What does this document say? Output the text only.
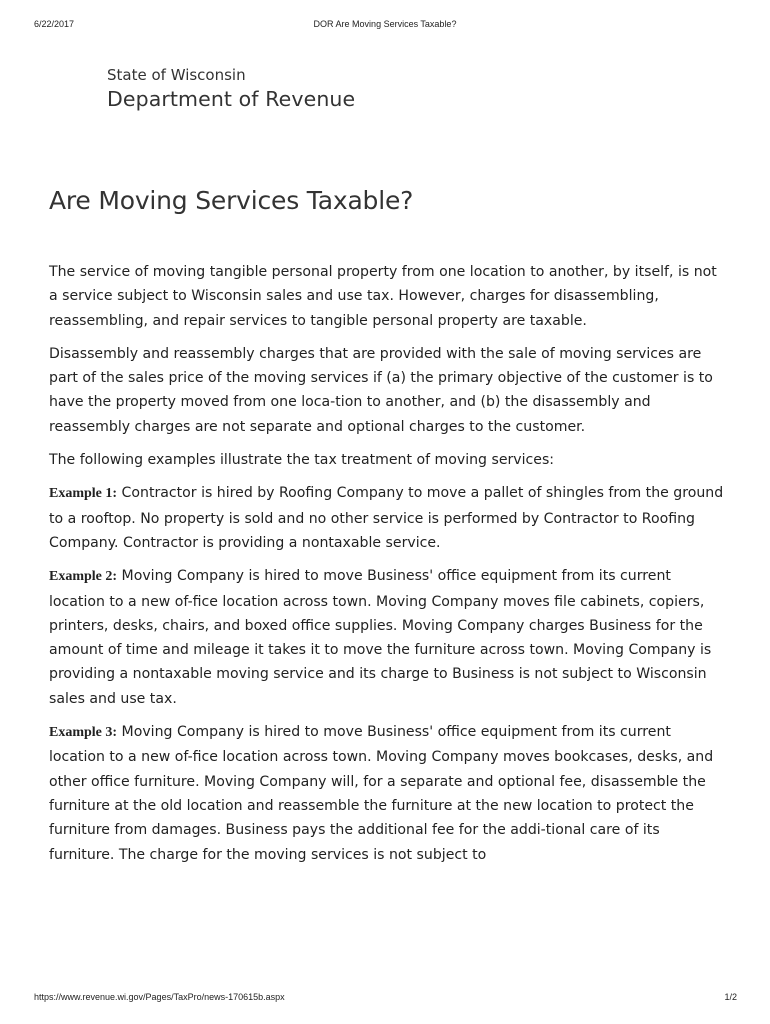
6/22/2017	DOR Are Moving Services Taxable?
State of Wisconsin
Department of Revenue
Are Moving Services Taxable?

The service of moving tangible personal property from one location to another, by itself, is not a service subject to Wisconsin sales and use tax. However, charges for disassembling, reassembling, and repair services to tangible personal property are taxable.

Disassembly and reassembly charges that are provided with the sale of moving services are part of the sales price of the moving services if (a) the primary objective of the customer is to have the property moved from one loca-tion to another, and (b) the disassembly and reassembly charges are not separate and optional charges to the customer.

The following examples illustrate the tax treatment of moving services:

Example 1: Contractor is hired by Roofing Company to move a pallet of shingles from the ground to a rooftop. No property is sold and no other service is performed by Contractor to Roofing Company. Contractor is providing a nontaxable service.

Example 2: Moving Company is hired to move Business' office equipment from its current location to a new of-fice location across town. Moving Company moves file cabinets, copiers, printers, desks, chairs, and boxed office supplies. Moving Company charges Business for the amount of time and mileage it takes it to move the furniture across town. Moving Company is providing a nontaxable moving service and its charge to Business is not subject to Wisconsin sales and use tax.

Example 3: Moving Company is hired to move Business' office equipment from its current location to a new of-fice location across town. Moving Company moves bookcases, desks, and other office furniture. Moving Company will, for a separate and optional fee, disassemble the furniture at the old location and reassemble the furniture at the new location to protect the furniture from damages. Business pays the additional fee for the addi-tional care of its furniture. The charge for the moving services is not subject to

https://www.revenue.wi.gov/Pages/TaxPro/news-170615b.aspx	1/2
